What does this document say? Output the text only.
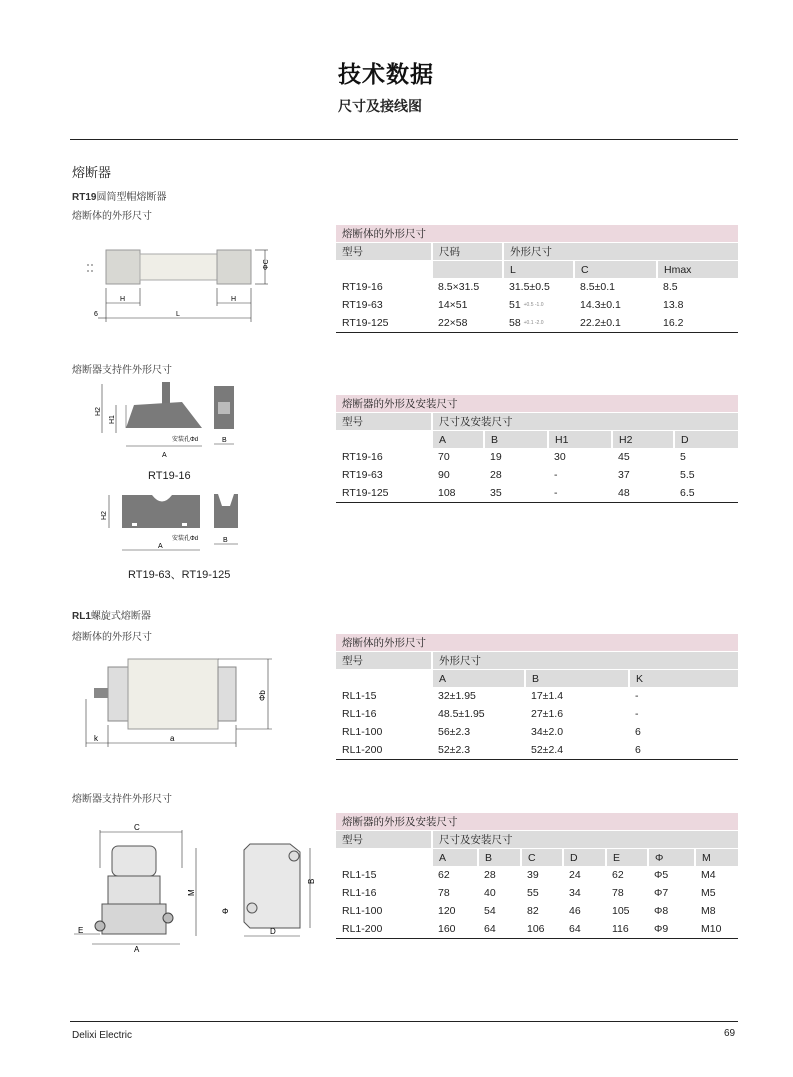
技术数据
尺寸及接线图
熔断器
RT19圆筒型帽熔断器
熔断体的外形尺寸
ΦC
H	H
L
6
熔断体的外形尺寸				
型号	尺码	外形尺寸		
		L	C	Hmax
RT19-16	8.5×31.5	31.5±0.5	8.5±0.1	8.5
RT19-63	14×51	51 +0.5 -1.0	14.3±0.1	13.8
RT19-125	22×58	58 +0.1 -2.0	22.2±0.1	16.2
熔断器支持件外形尺寸
H2
H1
A
安装孔Φd	B
RT19-16
H2
A
安装孔Φd	B
RT19-63、RT19-125
熔断器的外形及安装尺寸					
型号	尺寸及安装尺寸				
	A	B	H1	H2	D
RT19-16	70	19	30	45	5
RT19-63	90	28	-	37	5.5
RT19-125	108	35	-	48	6.5
RL1螺旋式熔断器
熔断体的外形尺寸
Φb
k	a
熔断体的外形尺寸			
型号	外形尺寸		
	A	B	K
RL1-15	32±1.95	17±1.4	-
RL1-16	48.5±1.95	27±1.6	-
RL1-100	56±2.3	34±2.0	6
RL1-200	52±2.3	52±2.4	6
熔断器支持件外形尺寸
C
E
A
M
Φ
B
D
熔断器的外形及安装尺寸							
型号	尺寸及安装尺寸						
	A	B	C	D	E	Φ	M
RL1-15	62	28	39	24	62	Φ5	M4
RL1-16	78	40	55	34	78	Φ7	M5
RL1-100	120	54	82	46	105	Φ8	M8
RL1-200	160	64	106	64	116	Φ9	M10
Delixi Electric	69
